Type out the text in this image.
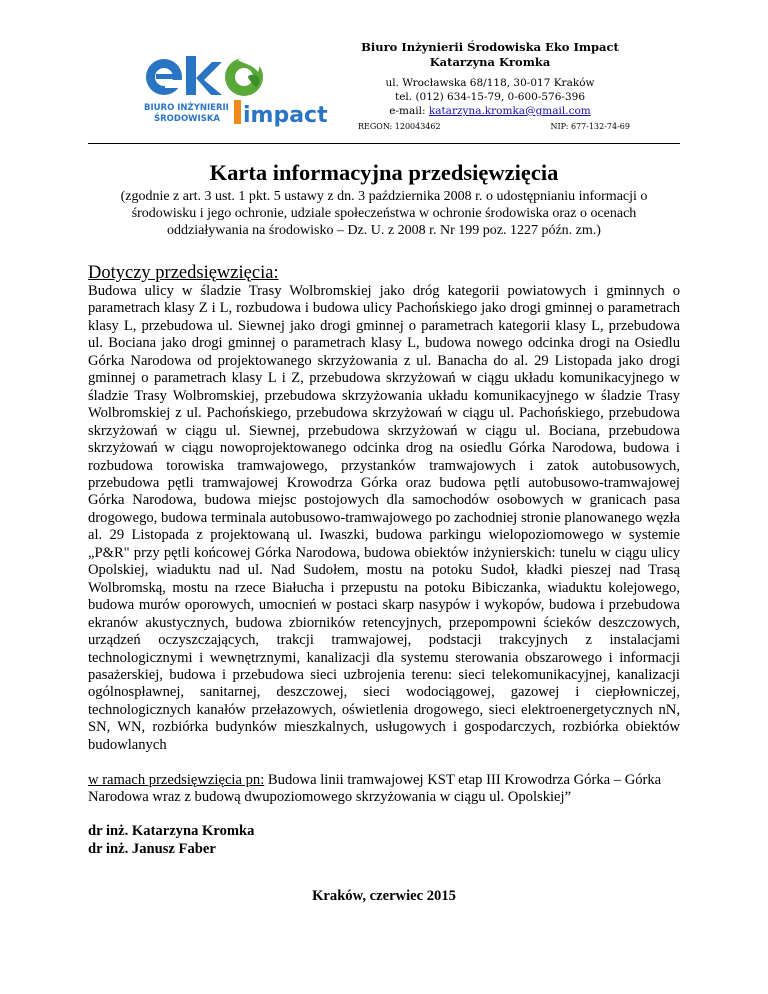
BIURO INŻYNIERII
ŚRODOWISKA impact
Biuro Inżynierii Środowiska Eko Impact
Katarzyna Kromka
ul. Wrocławska 68/118, 30-017 Kraków
tel. (012) 634-15-79, 0-600-576-396
e-mail: katarzyna.kromka@gmail.com
REGON: 120043462	NIP: 677-132-74-69
Karta informacyjna przedsięwzięcia
(zgodnie z art. 3 ust. 1 pkt. 5 ustawy z dn. 3 października 2008 r. o udostępnianiu informacji o środowisku i jego ochronie, udziale społeczeństwa w ochronie środowiska oraz o ocenach oddziaływania na środowisko – Dz. U. z 2008 r. Nr 199 poz. 1227 późn. zm.)
Dotyczy przedsięwzięcia:
Budowa ulicy w śladzie Trasy Wolbromskiej jako dróg kategorii powiatowych i gminnych o parametrach klasy Z i L, rozbudowa i budowa ulicy Pachońskiego jako drogi gminnej o parametrach klasy L, przebudowa ul. Siewnej jako drogi gminnej o parametrach kategorii klasy L, przebudowa ul. Bociana jako drogi gminnej o parametrach klasy L, budowa nowego odcinka drogi na Osiedlu Górka Narodowa od projektowanego skrzyżowania z ul. Banacha do al. 29 Listopada jako drogi gminnej o parametrach klasy L i Z, przebudowa skrzyżowań w ciągu układu komunikacyjnego w śladzie Trasy Wolbromskiej, przebudowa skrzyżowania układu komunikacyjnego w śladzie Trasy Wolbromskiej z ul. Pachońskiego, przebudowa skrzyżowań w ciągu ul. Pachońskiego, przebudowa skrzyżowań w ciągu ul. Siewnej, przebudowa skrzyżowań w ciągu ul. Bociana, przebudowa skrzyżowań w ciągu nowoprojektowanego odcinka drog na osiedlu Górka Narodowa, budowa i rozbudowa torowiska tramwajowego, przystanków tramwajowych i zatok autobusowych, przebudowa pętli tramwajowej Krowodrza Górka oraz budowa pętli autobusowo-tramwajowej Górka Narodowa, budowa miejsc postojowych dla samochodów osobowych w granicach pasa drogowego, budowa terminala autobusowo-tramwajowego po zachodniej stronie planowanego węzła al. 29 Listopada z projektowaną ul. Iwaszki, budowa parkingu wielopoziomowego w systemie „P&R" przy pętli końcowej Górka Narodowa, budowa obiektów inżynierskich: tunelu w ciągu ulicy Opolskiej, wiaduktu nad ul. Nad Sudołem, mostu na potoku Sudoł, kładki pieszej nad Trasą Wolbromską, mostu na rzece Białucha i przepustu na potoku Bibiczanka, wiaduktu kolejowego, budowa murów oporowych, umocnień w postaci skarp nasypów i wykopów, budowa i przebudowa ekranów akustycznych, budowa zbiorników retencyjnych, przepompowni ścieków deszczowych, urządzeń oczyszczających, trakcji tramwajowej, podstacji trakcyjnych z instalacjami technologicznymi i wewnętrznymi, kanalizacji dla systemu sterowania obszarowego i informacji pasażerskiej, budowa i przebudowa sieci uzbrojenia terenu: sieci telekomunikacyjnej, kanalizacji ogólnospławnej, sanitarnej, deszczowej, sieci wodociągowej, gazowej i ciepłowniczej, technologicznych kanałów przełazowych, oświetlenia drogowego, sieci elektroenergetycznych nN, SN, WN, rozbiórka budynków mieszkalnych, usługowych i gospodarczych, rozbiórka obiektów budowlanych
w ramach przedsięwzięcia pn: Budowa linii tramwajowej KST etap III Krowodrza Górka – Górka Narodowa wraz z budową dwupoziomowego skrzyżowania w ciągu ul. Opolskiej”
dr inż. Katarzyna Kromka
dr inż. Janusz Faber
Kraków, czerwiec 2015
